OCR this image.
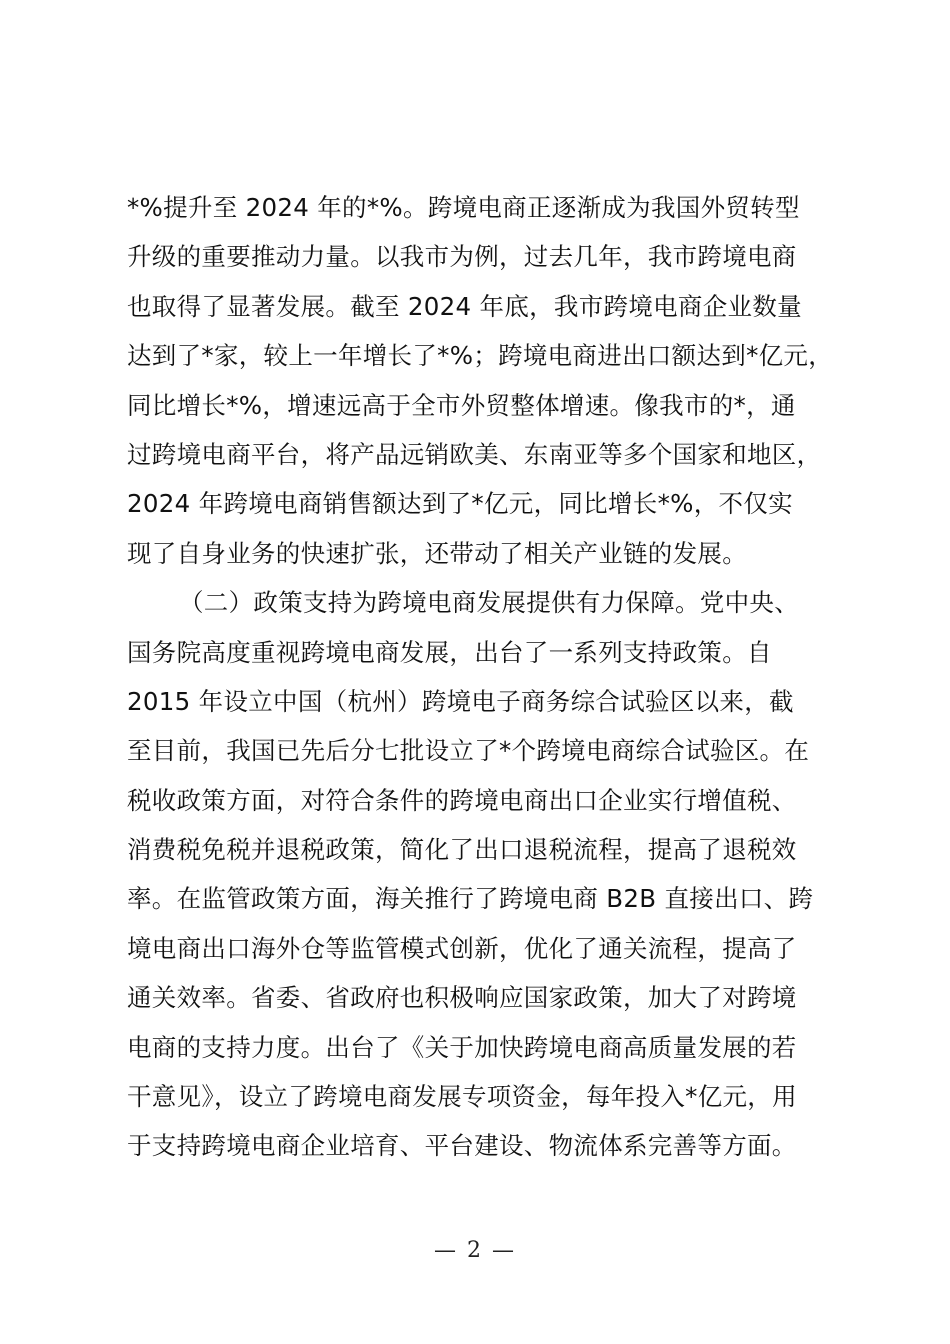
*%提升至 2024 年的*%。跨境电商正逐渐成为我国外贸转型
升级的重要推动力量。以我市为例，过去几年，我市跨境电商
也取得了显著发展。截至 2024 年底，我市跨境电商企业数量
达到了*家，较上一年增长了*%；跨境电商进出口额达到*亿元，
同比增长*%，增速远高于全市外贸整体增速。像我市的*，通
过跨境电商平台，将产品远销欧美、东南亚等多个国家和地区，
2024 年跨境电商销售额达到了*亿元，同比增长*%，不仅实
现了自身业务的快速扩张，还带动了相关产业链的发展。
（二）政策支持为跨境电商发展提供有力保障。党中央、
国务院高度重视跨境电商发展，出台了一系列支持政策。自
2015 年设立中国（杭州）跨境电子商务综合试验区以来，截
至目前，我国已先后分七批设立了*个跨境电商综合试验区。在
税收政策方面，对符合条件的跨境电商出口企业实行增值税、
消费税免税并退税政策，简化了出口退税流程，提高了退税效
率。在监管政策方面，海关推行了跨境电商 B2B 直接出口、跨
境电商出口海外仓等监管模式创新，优化了通关流程，提高了
通关效率。省委、省政府也积极响应国家政策，加大了对跨境
电商的支持力度。出台了《关于加快跨境电商高质量发展的若
干意见》，设立了跨境电商发展专项资金，每年投入*亿元，用
于支持跨境电商企业培育、平台建设、物流体系完善等方面。
— 2 —
